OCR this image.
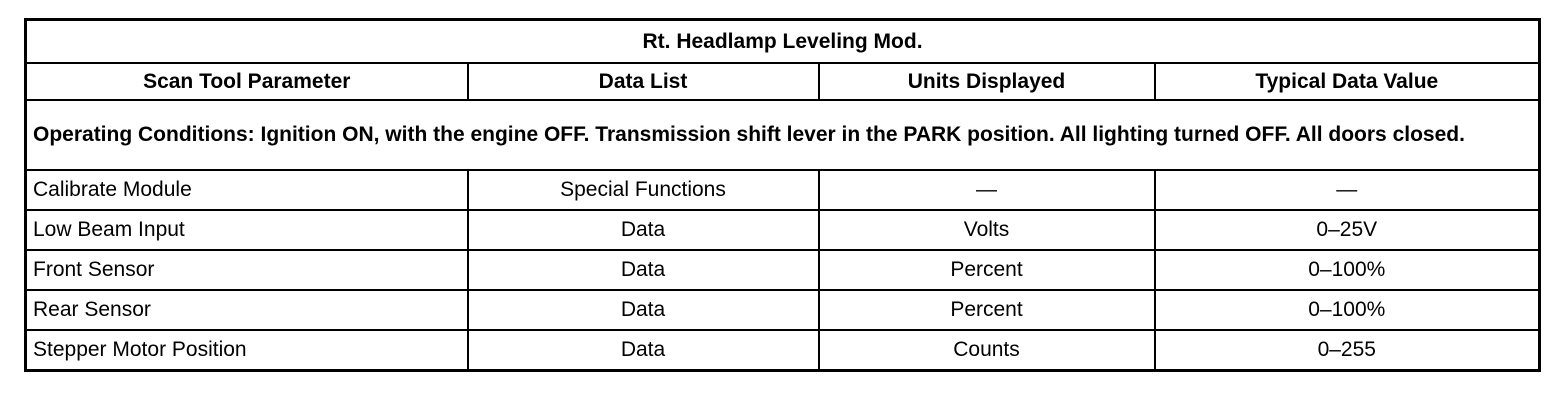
Rt. Headlamp Leveling Mod.			
Scan Tool Parameter	Data List	Units Displayed	Typical Data Value
Operating Conditions: Ignition ON, with the engine OFF. Transmission shift lever in the PARK position. All lighting turned OFF. All doors closed.			
Calibrate Module	Special Functions	—	—
Low Beam Input	Data	Volts	0–25V
Front Sensor	Data	Percent	0–100%
Rear Sensor	Data	Percent	0–100%
Stepper Motor Position	Data	Counts	0–255
